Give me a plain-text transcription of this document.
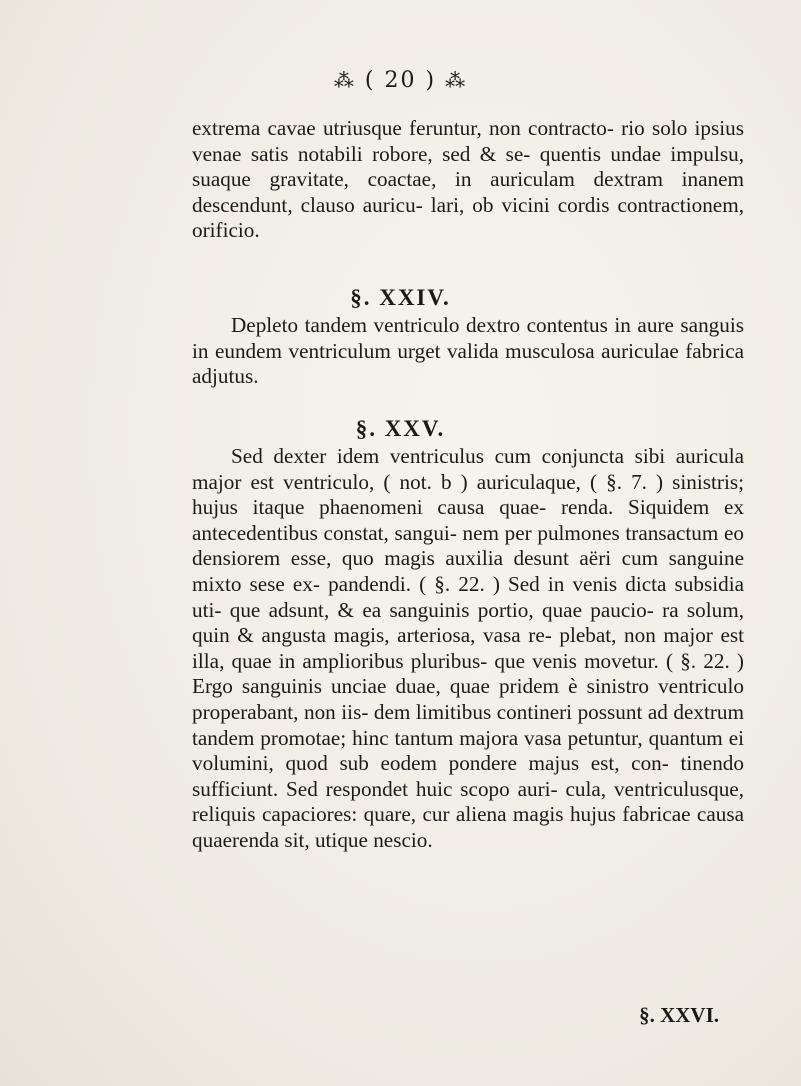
⁂ ( 20 ) ⁂
extrema cavae utriusque feruntur, non contracto- rio solo ipsius venae satis notabili robore, sed & se- quentis undae impulsu, suaque gravitate, coactae, in auriculam dextram inanem descendunt, clauso auricu- lari, ob vicini cordis contractionem, orificio.
§. XXIV.
Depleto tandem ventriculo dextro contentus in aure sanguis in eundem ventriculum urget valida musculosa auriculae fabrica adjutus.
§. XXV.
Sed dexter idem ventriculus cum conjuncta sibi auricula major est ventriculo, ( not. b ) auriculaque, ( §. 7. ) sinistris; hujus itaque phaenomeni causa quae- renda. Siquidem ex antecedentibus constat, sangui- nem per pulmones transactum eo densiorem esse, quo magis auxilia desunt aëri cum sanguine mixto sese ex- pandendi. ( §. 22. ) Sed in venis dicta subsidia uti- que adsunt, & ea sanguinis portio, quae paucio- ra solum, quin & angusta magis, arteriosa, vasa re- plebat, non major est illa, quae in amplioribus pluribus- que venis movetur. ( §. 22. ) Ergo sanguinis unciae duae, quae pridem è sinistro ventriculo properabant, non iis- dem limitibus contineri possunt ad dextrum tandem promotae; hinc tantum majora vasa petuntur, quantum ei volumini, quod sub eodem pondere majus est, con- tinendo sufficiunt. Sed respondet huic scopo auri- cula, ventriculusque, reliquis capaciores: quare, cur aliena magis hujus fabricae causa quaerenda sit, utique nescio.
§. XXVI.
